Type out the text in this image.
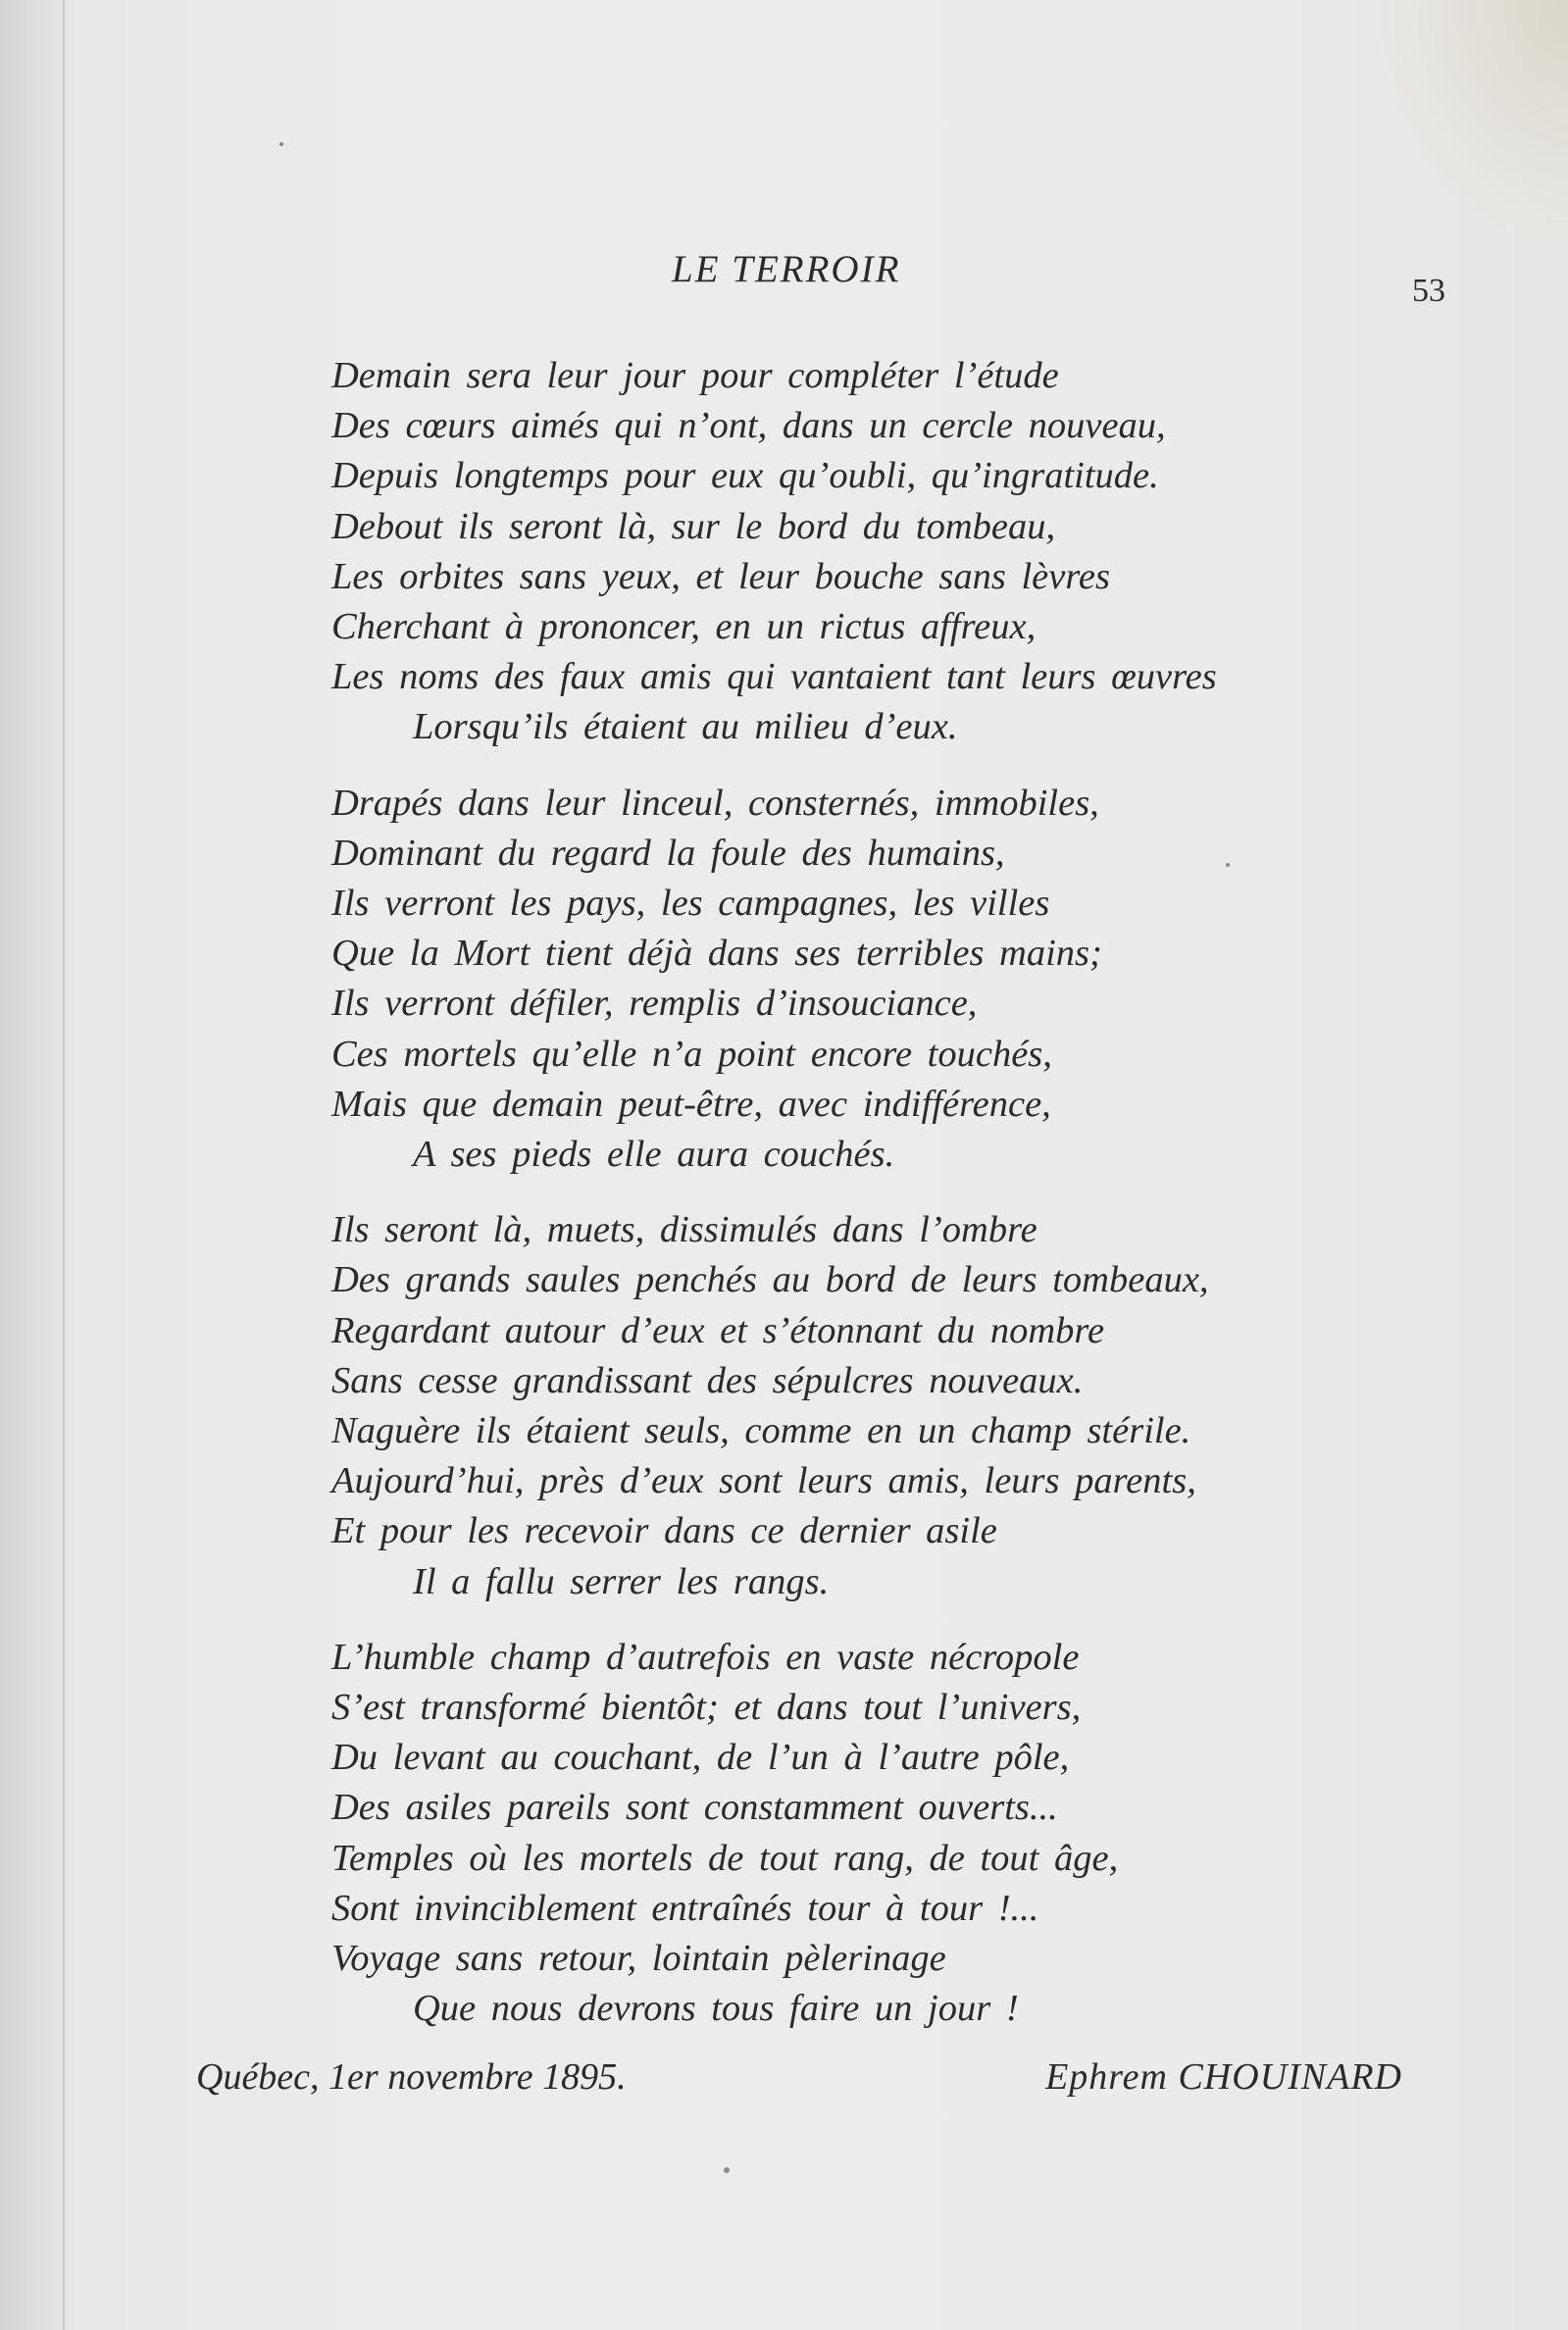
LE TERROIR
53
Demain sera leur jour pour compléter l’étude
Des cœurs aimés qui n’ont, dans un cercle nouveau,
Depuis longtemps pour eux qu’oubli, qu’ingratitude.
Debout ils seront là, sur le bord du tombeau,
Les orbites sans yeux, et leur bouche sans lèvres
Cherchant à prononcer, en un rictus affreux,
Les noms des faux amis qui vantaient tant leurs œuvres
Lorsqu’ils étaient au milieu d’eux.
Drapés dans leur linceul, consternés, immobiles,
Dominant du regard la foule des humains,
Ils verront les pays, les campagnes, les villes
Que la Mort tient déjà dans ses terribles mains;
Ils verront défiler, remplis d’insouciance,
Ces mortels qu’elle n’a point encore touchés,
Mais que demain peut-être, avec indifférence,
A ses pieds elle aura couchés.
Ils seront là, muets, dissimulés dans l’ombre
Des grands saules penchés au bord de leurs tombeaux,
Regardant autour d’eux et s’étonnant du nombre
Sans cesse grandissant des sépulcres nouveaux.
Naguère ils étaient seuls, comme en un champ stérile.
Aujourd’hui, près d’eux sont leurs amis, leurs parents,
Et pour les recevoir dans ce dernier asile
Il a fallu serrer les rangs.
L’humble champ d’autrefois en vaste nécropole
S’est transformé bientôt; et dans tout l’univers,
Du levant au couchant, de l’un à l’autre pôle,
Des asiles pareils sont constamment ouverts...
Temples où les mortels de tout rang, de tout âge,
Sont invinciblement entraînés tour à tour !...
Voyage sans retour, lointain pèlerinage
Que nous devrons tous faire un jour !
Québec, 1er novembre 1895.	Ephrem CHOUINARD
